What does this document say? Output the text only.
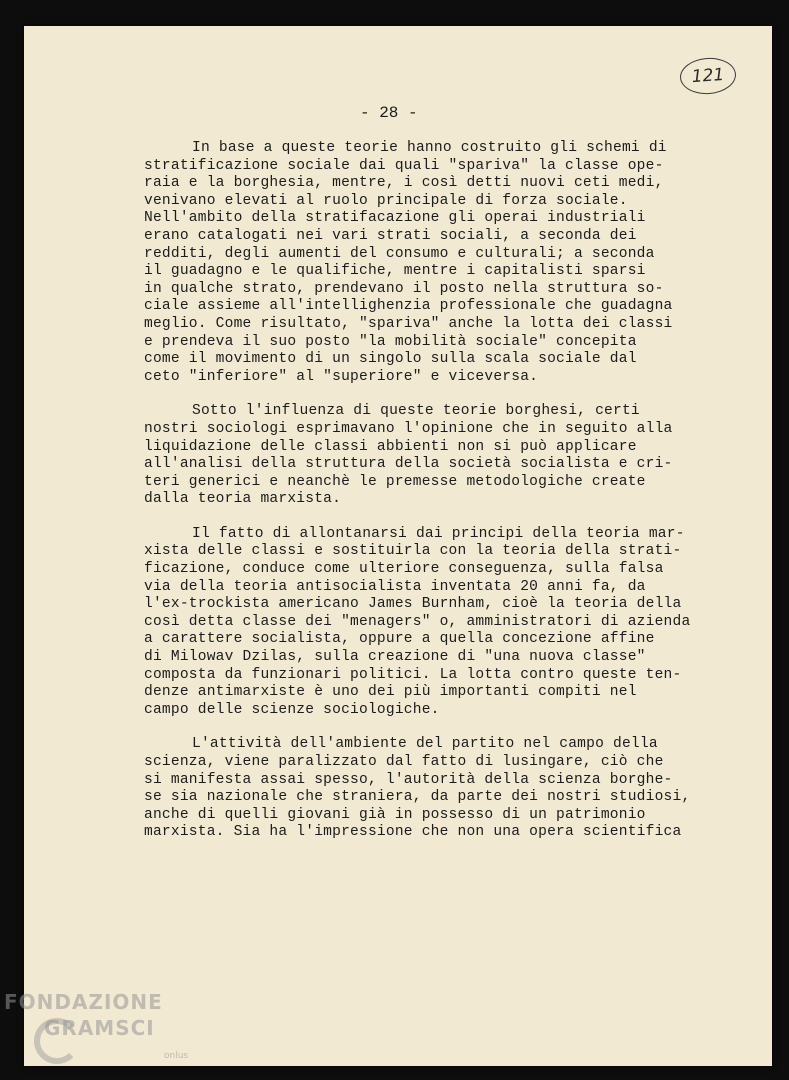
121
- 28 -
In base a queste teorie hanno costruito gli schemi di
stratificazione sociale dai quali "spariva" la classe ope-
raia e la borghesia, mentre, i così detti nuovi ceti medi,
venivano elevati al ruolo principale di forza sociale.
Nell'ambito della stratifacazione gli operai industriali
erano catalogati nei vari strati sociali, a seconda dei
redditi, degli aumenti del consumo e culturali; a seconda
il guadagno e le qualifiche, mentre i capitalisti sparsi
in qualche strato, prendevano il posto nella struttura so-
ciale assieme all'intellighenzia professionale che guadagna
meglio. Come risultato, "spariva" anche la lotta dei classi
e prendeva il suo posto "la mobilità sociale" concepita
come il movimento di un singolo sulla scala sociale dal
ceto "inferiore" al "superiore" e viceversa.
Sotto l'influenza di queste teorie borghesi, certi
nostri sociologi esprimavano l'opinione che in seguito alla
liquidazione delle classi abbienti non si può applicare
all'analisi della struttura della società socialista e cri-
teri generici e neanchè le premesse metodologiche create
dalla teoria marxista.
Il fatto di allontanarsi dai principi della teoria mar-
xista delle classi e sostituirla con la teoria della strati-
ficazione, conduce come ulteriore conseguenza, sulla falsa
via della teoria antisocialista inventata 20 anni fa, da
l'ex-trockista americano James Burnham, cioè la teoria della
così detta classe dei "menagers" o, amministratori di azienda
a carattere socialista, oppure a quella concezione affine
di Milowav Dzilas, sulla creazione di "una nuova classe"
composta da funzionari politici. La lotta contro queste ten-
denze antimarxiste è uno dei più importanti compiti nel
campo delle scienze sociologiche.
L'attività dell'ambiente del partito nel campo della
scienza, viene paralizzato dal fatto di lusingare, ciò che
si manifesta assai spesso, l'autorità della scienza borghe-
se sia nazionale che straniera, da parte dei nostri studiosi,
anche di quelli giovani già in possesso di un patrimonio
marxista. Sia ha l'impressione che non una opera scientifica
FONDAZIONE
GRAMSCI
onlus
